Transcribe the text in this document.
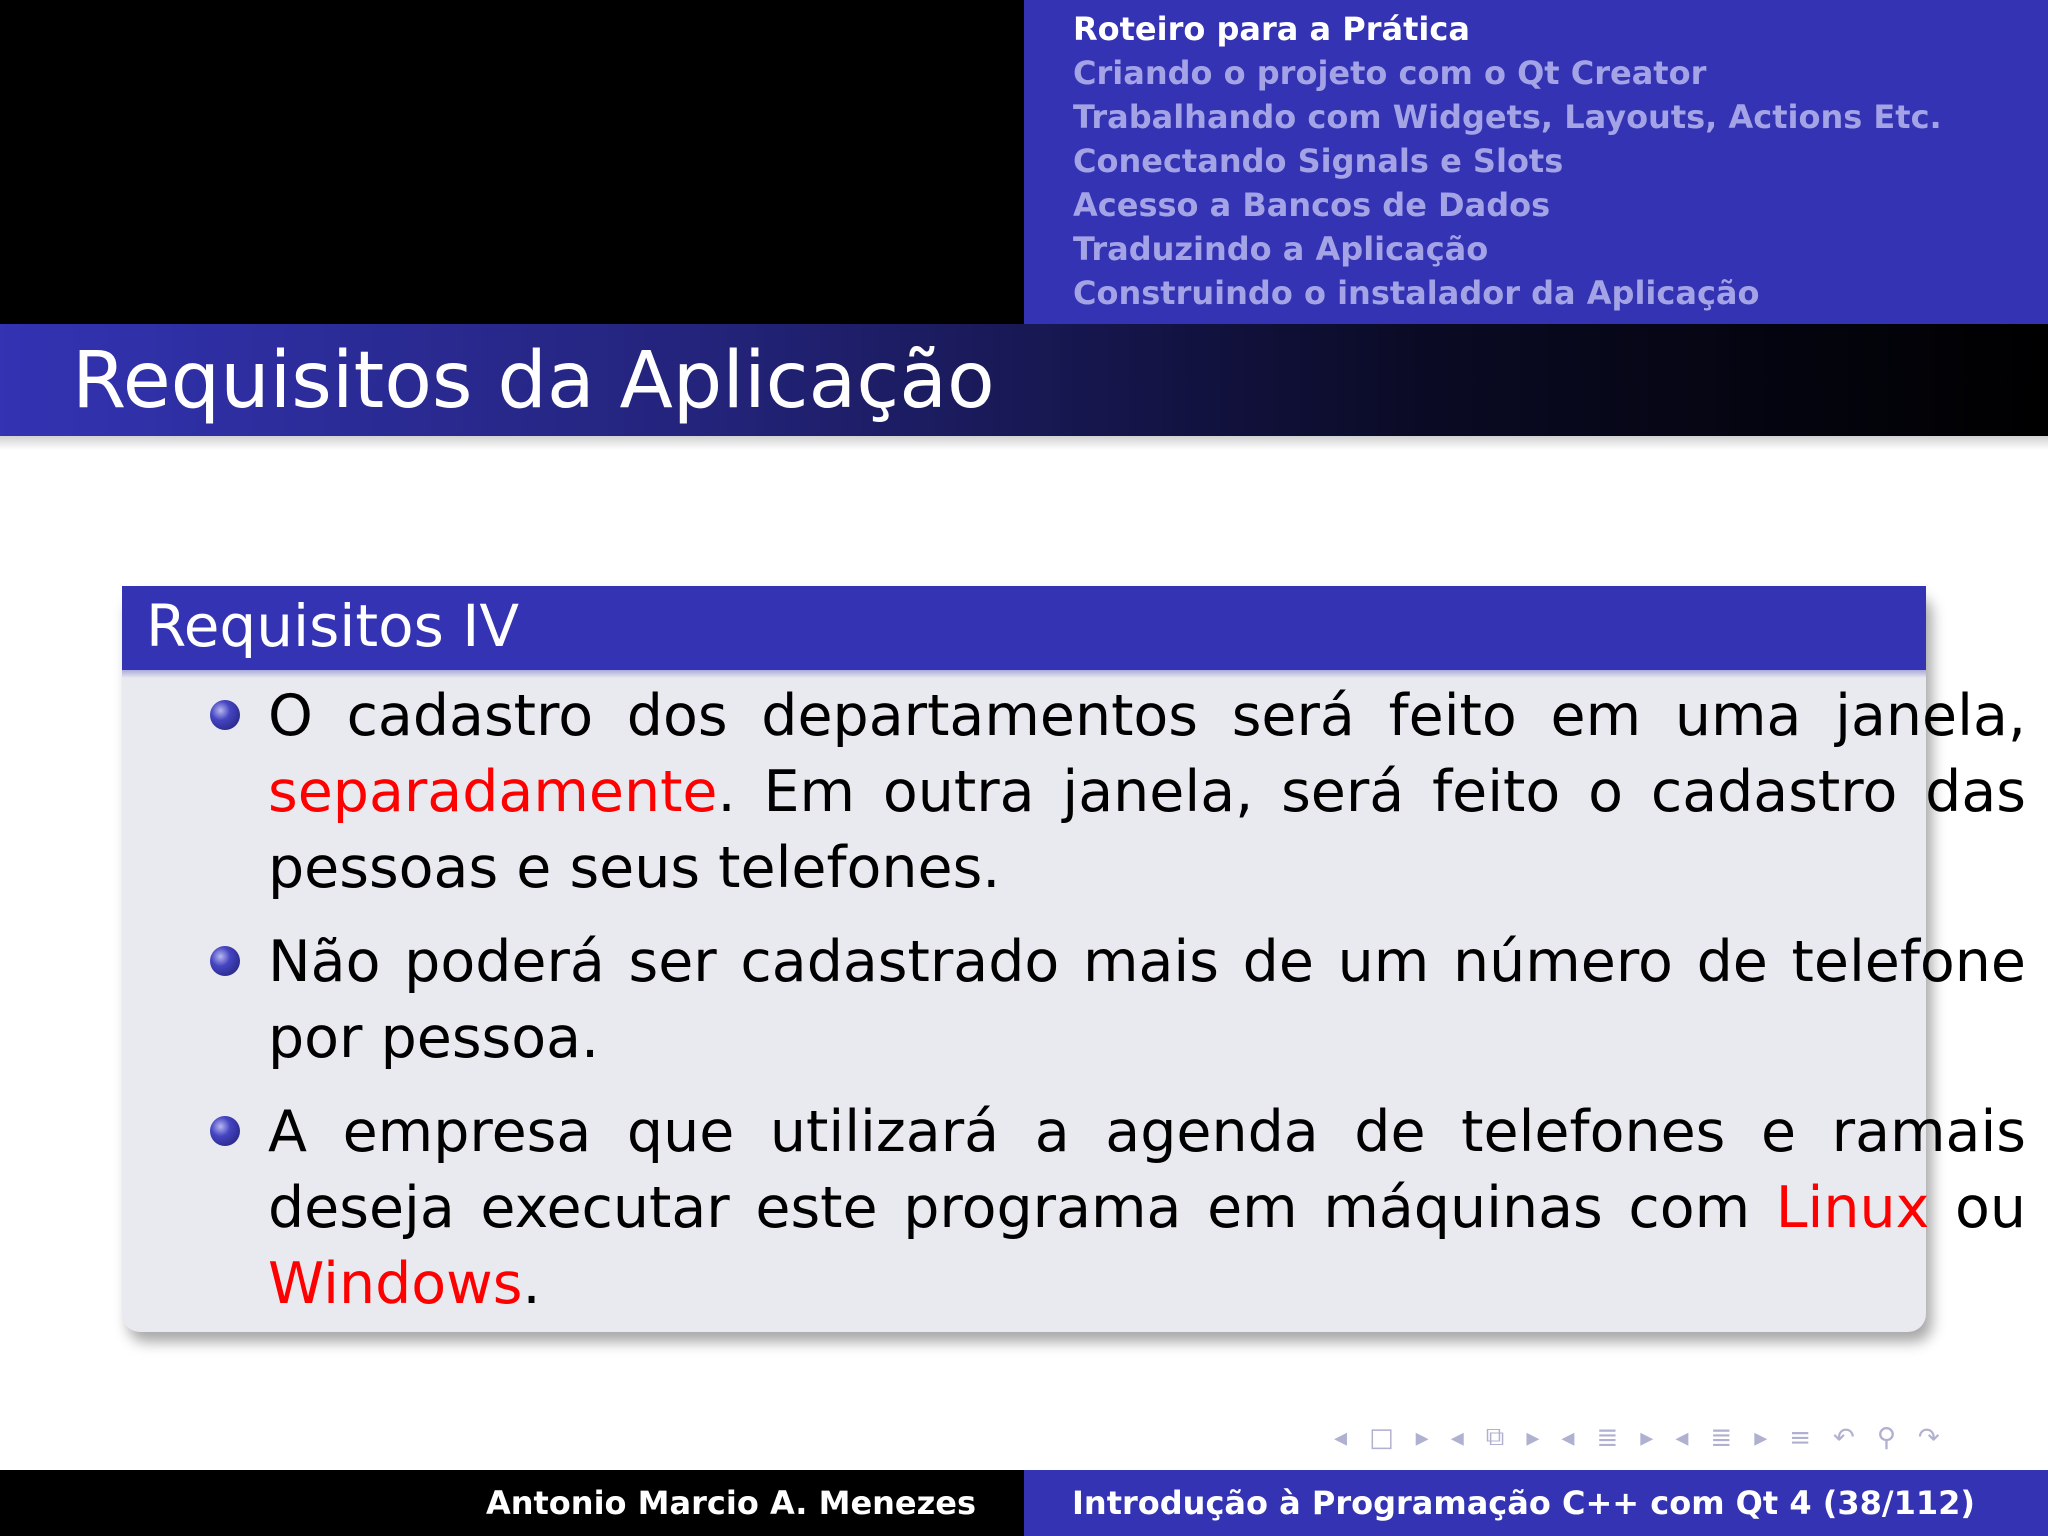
Roteiro para a Prática
Criando o projeto com o Qt Creator
Trabalhando com Widgets, Layouts, Actions Etc.
Conectando Signals e Slots
Acesso a Bancos de Dados
Traduzindo a Aplicação
Construindo o instalador da Aplicação
Requisitos da Aplicação
Requisitos IV
O cadastro dos departamentos será feito em uma janela, separadamente. Em outra janela, será feito o cadastro das pessoas e seus telefones.
Não poderá ser cadastrado mais de um número de telefone por pessoa.
A empresa que utilizará a agenda de telefones e ramais deseja executar este programa em máquinas com Linux ou Windows.
◂ □ ▸ ◂ ⧉ ▸ ◂ ≣ ▸ ◂ ≣ ▸ ≡ ↶ ⚲ ↷
Antonio Marcio A. Menezes	Introdução à Programação C++ com Qt 4 (38/112)
